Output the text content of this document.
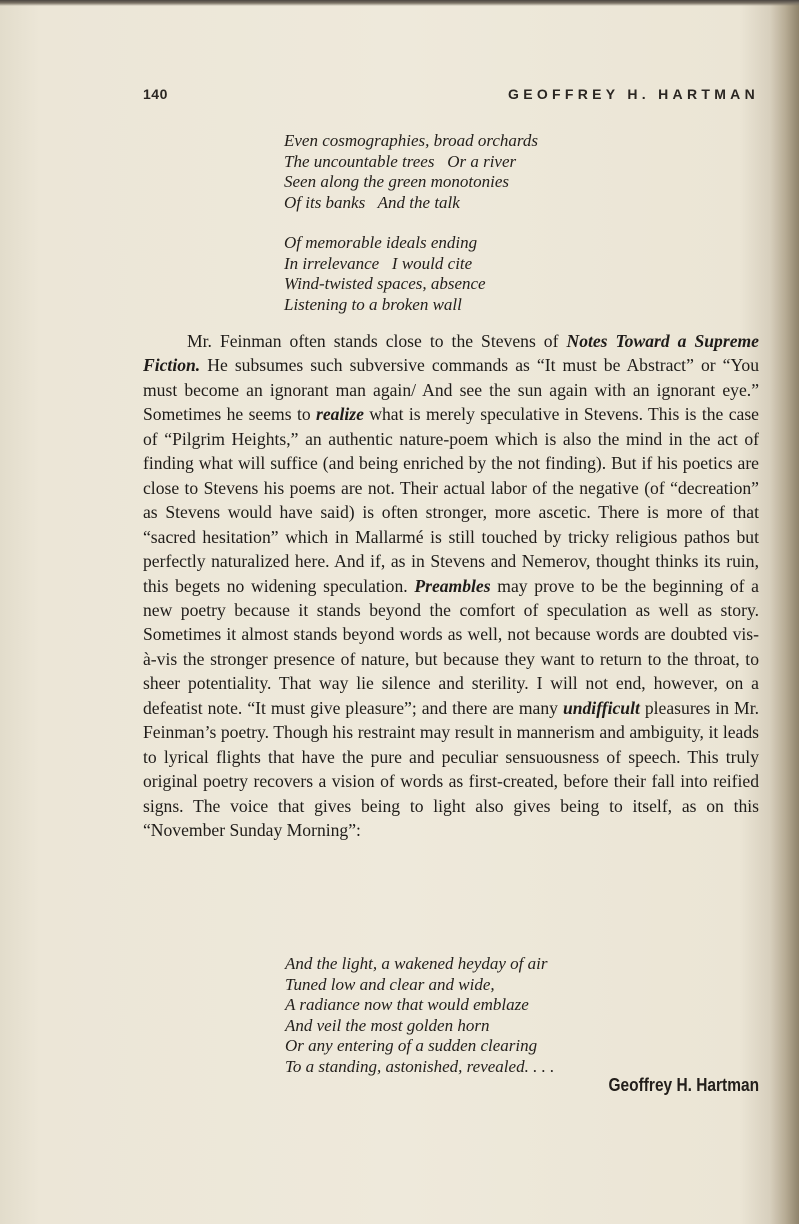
140	GEOFFREY H. HARTMAN
Even cosmographies, broad orchards
The uncountable trees   Or a river
Seen along the green monotonies
Of its banks   And the talk
Of memorable ideals ending
In irrelevance   I would cite
Wind-twisted spaces, absence
Listening to a broken wall

Mr. Feinman often stands close to the Stevens of Notes Toward a Supreme Fiction. He subsumes such subversive commands as “It must be Abstract” or “You must become an ignorant man again/ And see the sun again with an ignorant eye.” Sometimes he seems to realize what is merely speculative in Stevens. This is the case of “Pilgrim Heights,” an authentic nature-poem which is also the mind in the act of finding what will suffice (and being enriched by the not finding). But if his poetics are close to Stevens his poems are not. Their actual labor of the negative (of “decreation” as Stevens would have said) is often stronger, more ascetic. There is more of that “sacred hesitation” which in Mallarmé is still touched by tricky religious pathos but perfectly naturalized here. And if, as in Stevens and Nemerov, thought thinks its ruin, this begets no widening speculation. Preambles may prove to be the beginning of a new poetry because it stands beyond the comfort of speculation as well as story. Sometimes it almost stands beyond words as well, not because words are doubted vis-à-vis the stronger presence of nature, but because they want to return to the throat, to sheer potentiality. That way lie silence and sterility. I will not end, however, on a defeatist note. “It must give pleasure”; and there are many undifficult pleasures in Mr. Feinman’s poetry. Though his restraint may result in mannerism and ambiguity, it leads to lyrical flights that have the pure and peculiar sensuousness of speech. This truly original poetry recovers a vision of words as first-created, before their fall into reified signs. The voice that gives being to light also gives being to itself, as on this “November Sunday Morning”:

And the light, a wakened heyday of air
Tuned low and clear and wide,
A radiance now that would emblaze
And veil the most golden horn
Or any entering of a sudden clearing
To a standing, astonished, revealed. . . .
Geoffrey H. Hartman
